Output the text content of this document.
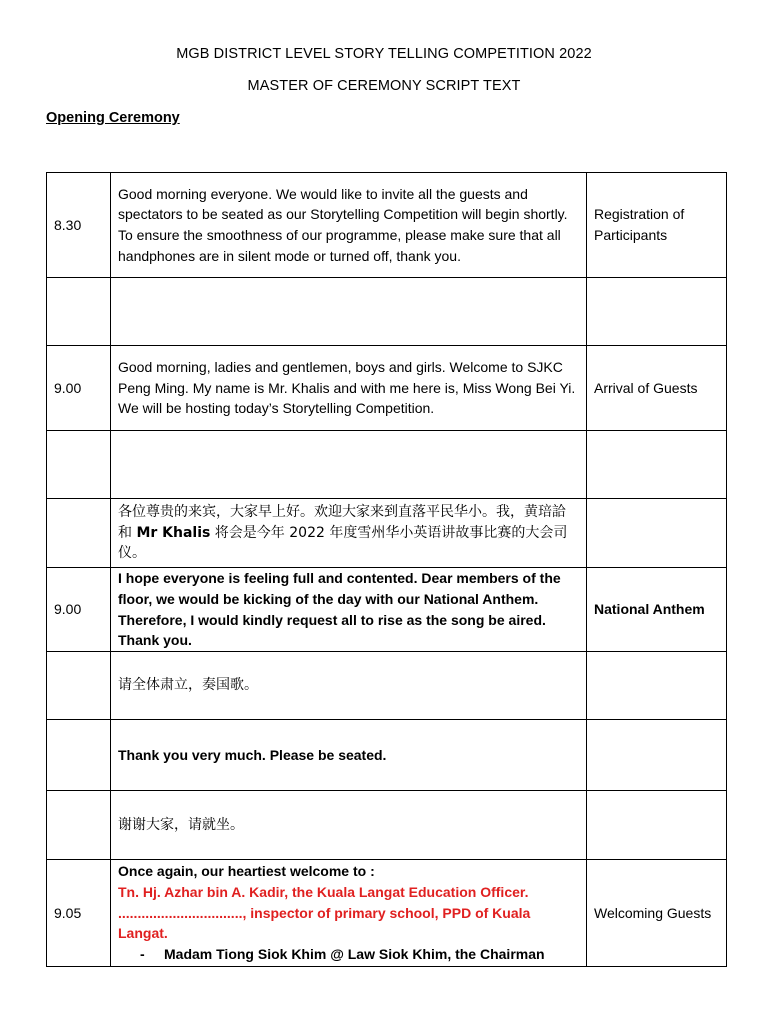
MGB DISTRICT LEVEL STORY TELLING COMPETITION 2022
MASTER OF CEREMONY SCRIPT TEXT
Opening Ceremony
8.30	Good morning everyone. We would like to invite all the guests and spectators to be seated as our Storytelling Competition will begin shortly. To ensure the smoothness of our programme, please make sure that all handphones are in silent mode or turned off, thank you.	Registration of Participants

9.00	Good morning, ladies and gentlemen, boys and girls. Welcome to SJKC Peng Ming. My name is Mr. Khalis and with me here is, Miss Wong Bei Yi. We will be hosting today’s Storytelling Competition.	Arrival of Guests

	各位尊贵的来宾，大家早上好。欢迎大家来到直落平民华小。我，黄琣詥和 Mr Khalis 将会是今年 2022 年度雪州华小英语讲故事比赛的大会司仪。	
9.00	I hope everyone is feeling full and contented. Dear members of the floor, we would be kicking of the day with our National Anthem. Therefore, I would kindly request all to rise as the song be aired. Thank you.	National Anthem
	请全体肃立，奏国歌。	
	Thank you very much. Please be seated.	
	谢谢大家，请就坐。	
9.05	Once again, our heartiest welcome to :
Tn. Hj. Azhar bin A. Kadir, the Kuala Langat Education Officer.
................................, inspector of primary school, PPD of Kuala Langat.
- Madam Tiong Siok Khim @ Law Siok Khim, the Chairman	Welcoming Guests
